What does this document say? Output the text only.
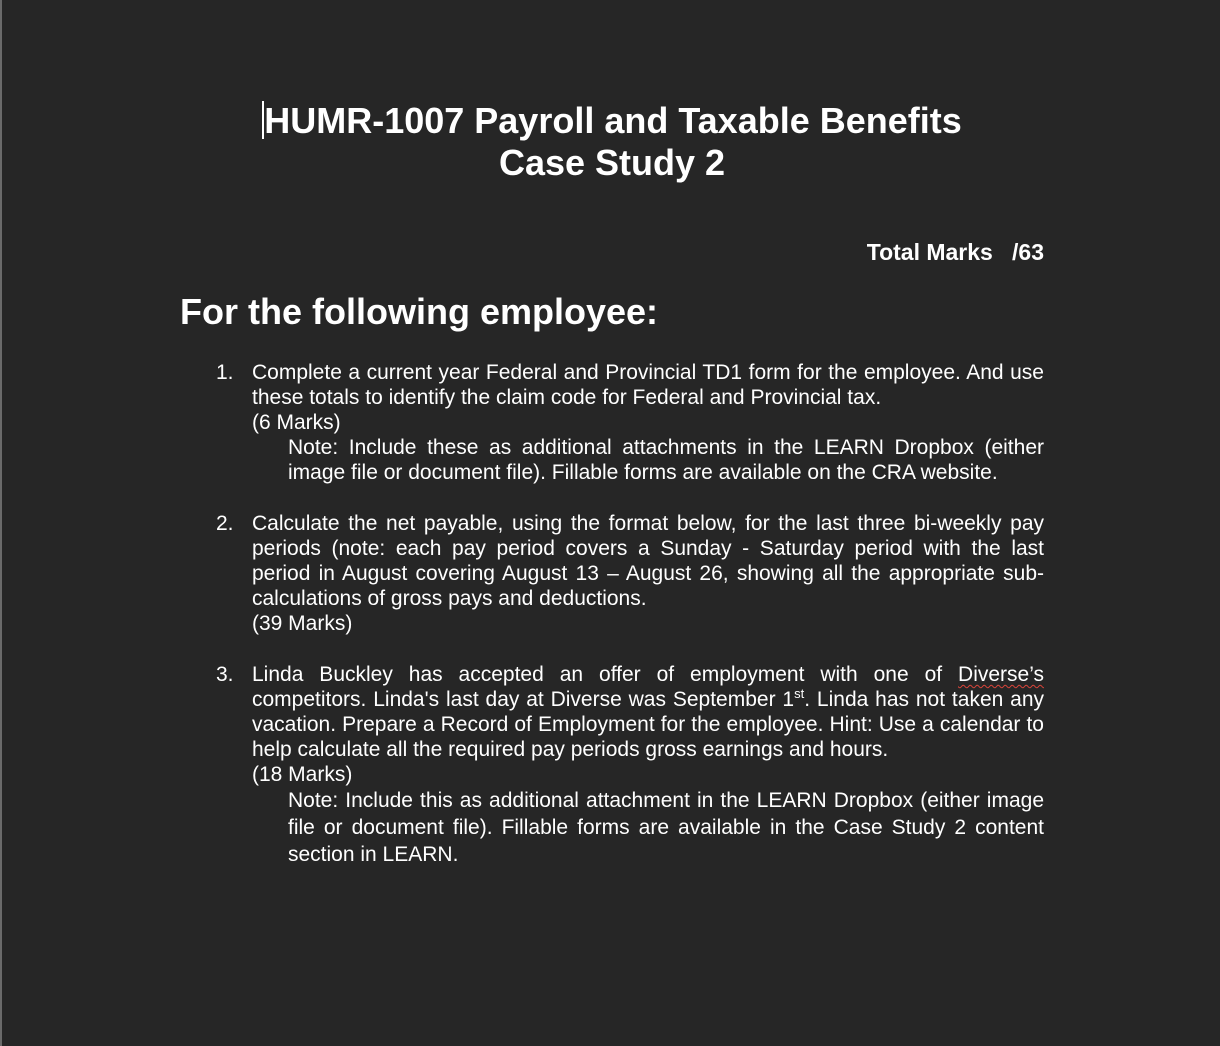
HUMR-1007 Payroll and Taxable Benefits
Case Study 2
Total Marks   /63
For the following employee:
1. Complete a current year Federal and Provincial TD1 form for the employee. And use these totals to identify the claim code for Federal and Provincial tax.

(6 Marks)

Note: Include these as additional attachments in the LEARN Dropbox (either image file or document file). Fillable forms are available on the CRA website.

2. Calculate the net payable, using the format below, for the last three bi-weekly pay periods (note: each pay period covers a Sunday - Saturday period with the last period in August covering August 13 – August 26, showing all the appropriate sub-calculations of gross pays and deductions.

(39 Marks)

3. Linda Buckley has accepted an offer of employment with one of Diverse’s competitors. Linda's last day at Diverse was September 1st. Linda has not taken any vacation. Prepare a Record of Employment for the employee. Hint: Use a calendar to help calculate all the required pay periods gross earnings and hours.

(18 Marks)

Note: Include this as additional attachment in the LEARN Dropbox (either image file or document file). Fillable forms are available in the Case Study 2 content section in LEARN.
